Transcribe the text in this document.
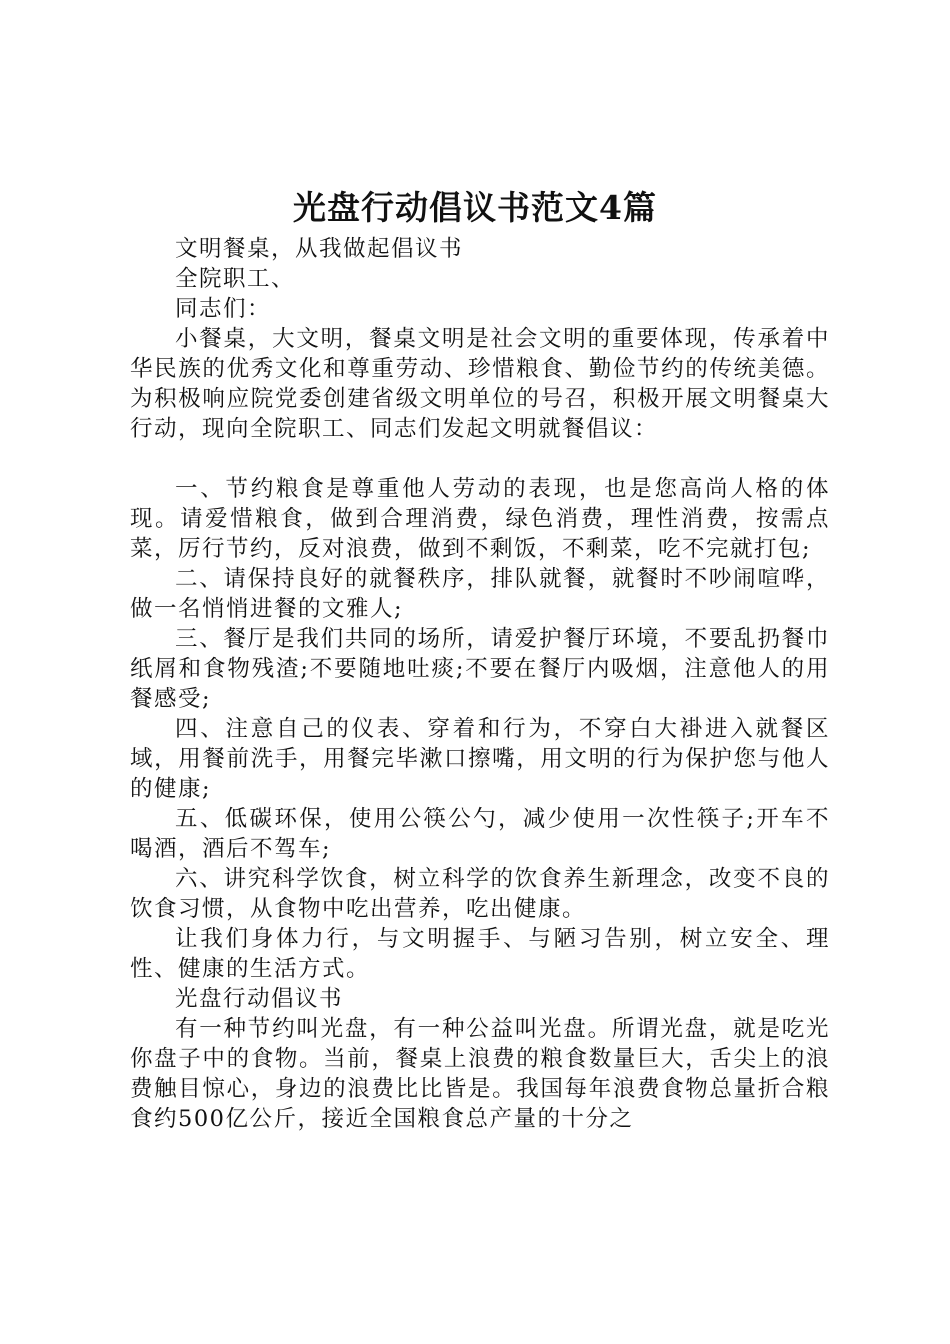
光盘行动倡议书范文4篇

文明餐桌，从我做起倡议书

全院职工、

同志们：

小餐桌，大文明，餐桌文明是社会文明的重要体现，传承着中华民族的优秀文化和尊重劳动、珍惜粮食、勤俭节约的传统美德。为积极响应院党委创建省级文明单位的号召，积极开展文明餐桌大行动，现向全院职工、同志们发起文明就餐倡议：

一、节约粮食是尊重他人劳动的表现，也是您高尚人格的体现。请爱惜粮食，做到合理消费，绿色消费，理性消费，按需点菜，厉行节约，反对浪费，做到不剩饭，不剩菜，吃不完就打包;

二、请保持良好的就餐秩序，排队就餐，就餐时不吵闹喧哗，做一名悄悄进餐的文雅人;

三、餐厅是我们共同的场所，请爱护餐厅环境，不要乱扔餐巾纸屑和食物残渣;不要随地吐痰;不要在餐厅内吸烟，注意他人的用餐感受;

四、注意自己的仪表、穿着和行为，不穿白大褂进入就餐区域，用餐前洗手，用餐完毕漱口擦嘴，用文明的行为保护您与他人的健康;

五、低碳环保，使用公筷公勺，减少使用一次性筷子;开车不喝酒，酒后不驾车;

六、讲究科学饮食，树立科学的饮食养生新理念，改变不良的饮食习惯，从食物中吃出营养，吃出健康。

让我们身体力行，与文明握手、与陋习告别，树立安全、理性、健康的生活方式。

光盘行动倡议书

有一种节约叫光盘，有一种公益叫光盘。所谓光盘，就是吃光你盘子中的食物。当前，餐桌上浪费的粮食数量巨大，舌尖上的浪费触目惊心，身边的浪费比比皆是。我国每年浪费食物总量折合粮食约500亿公斤，接近全国粮食总产量的十分之
